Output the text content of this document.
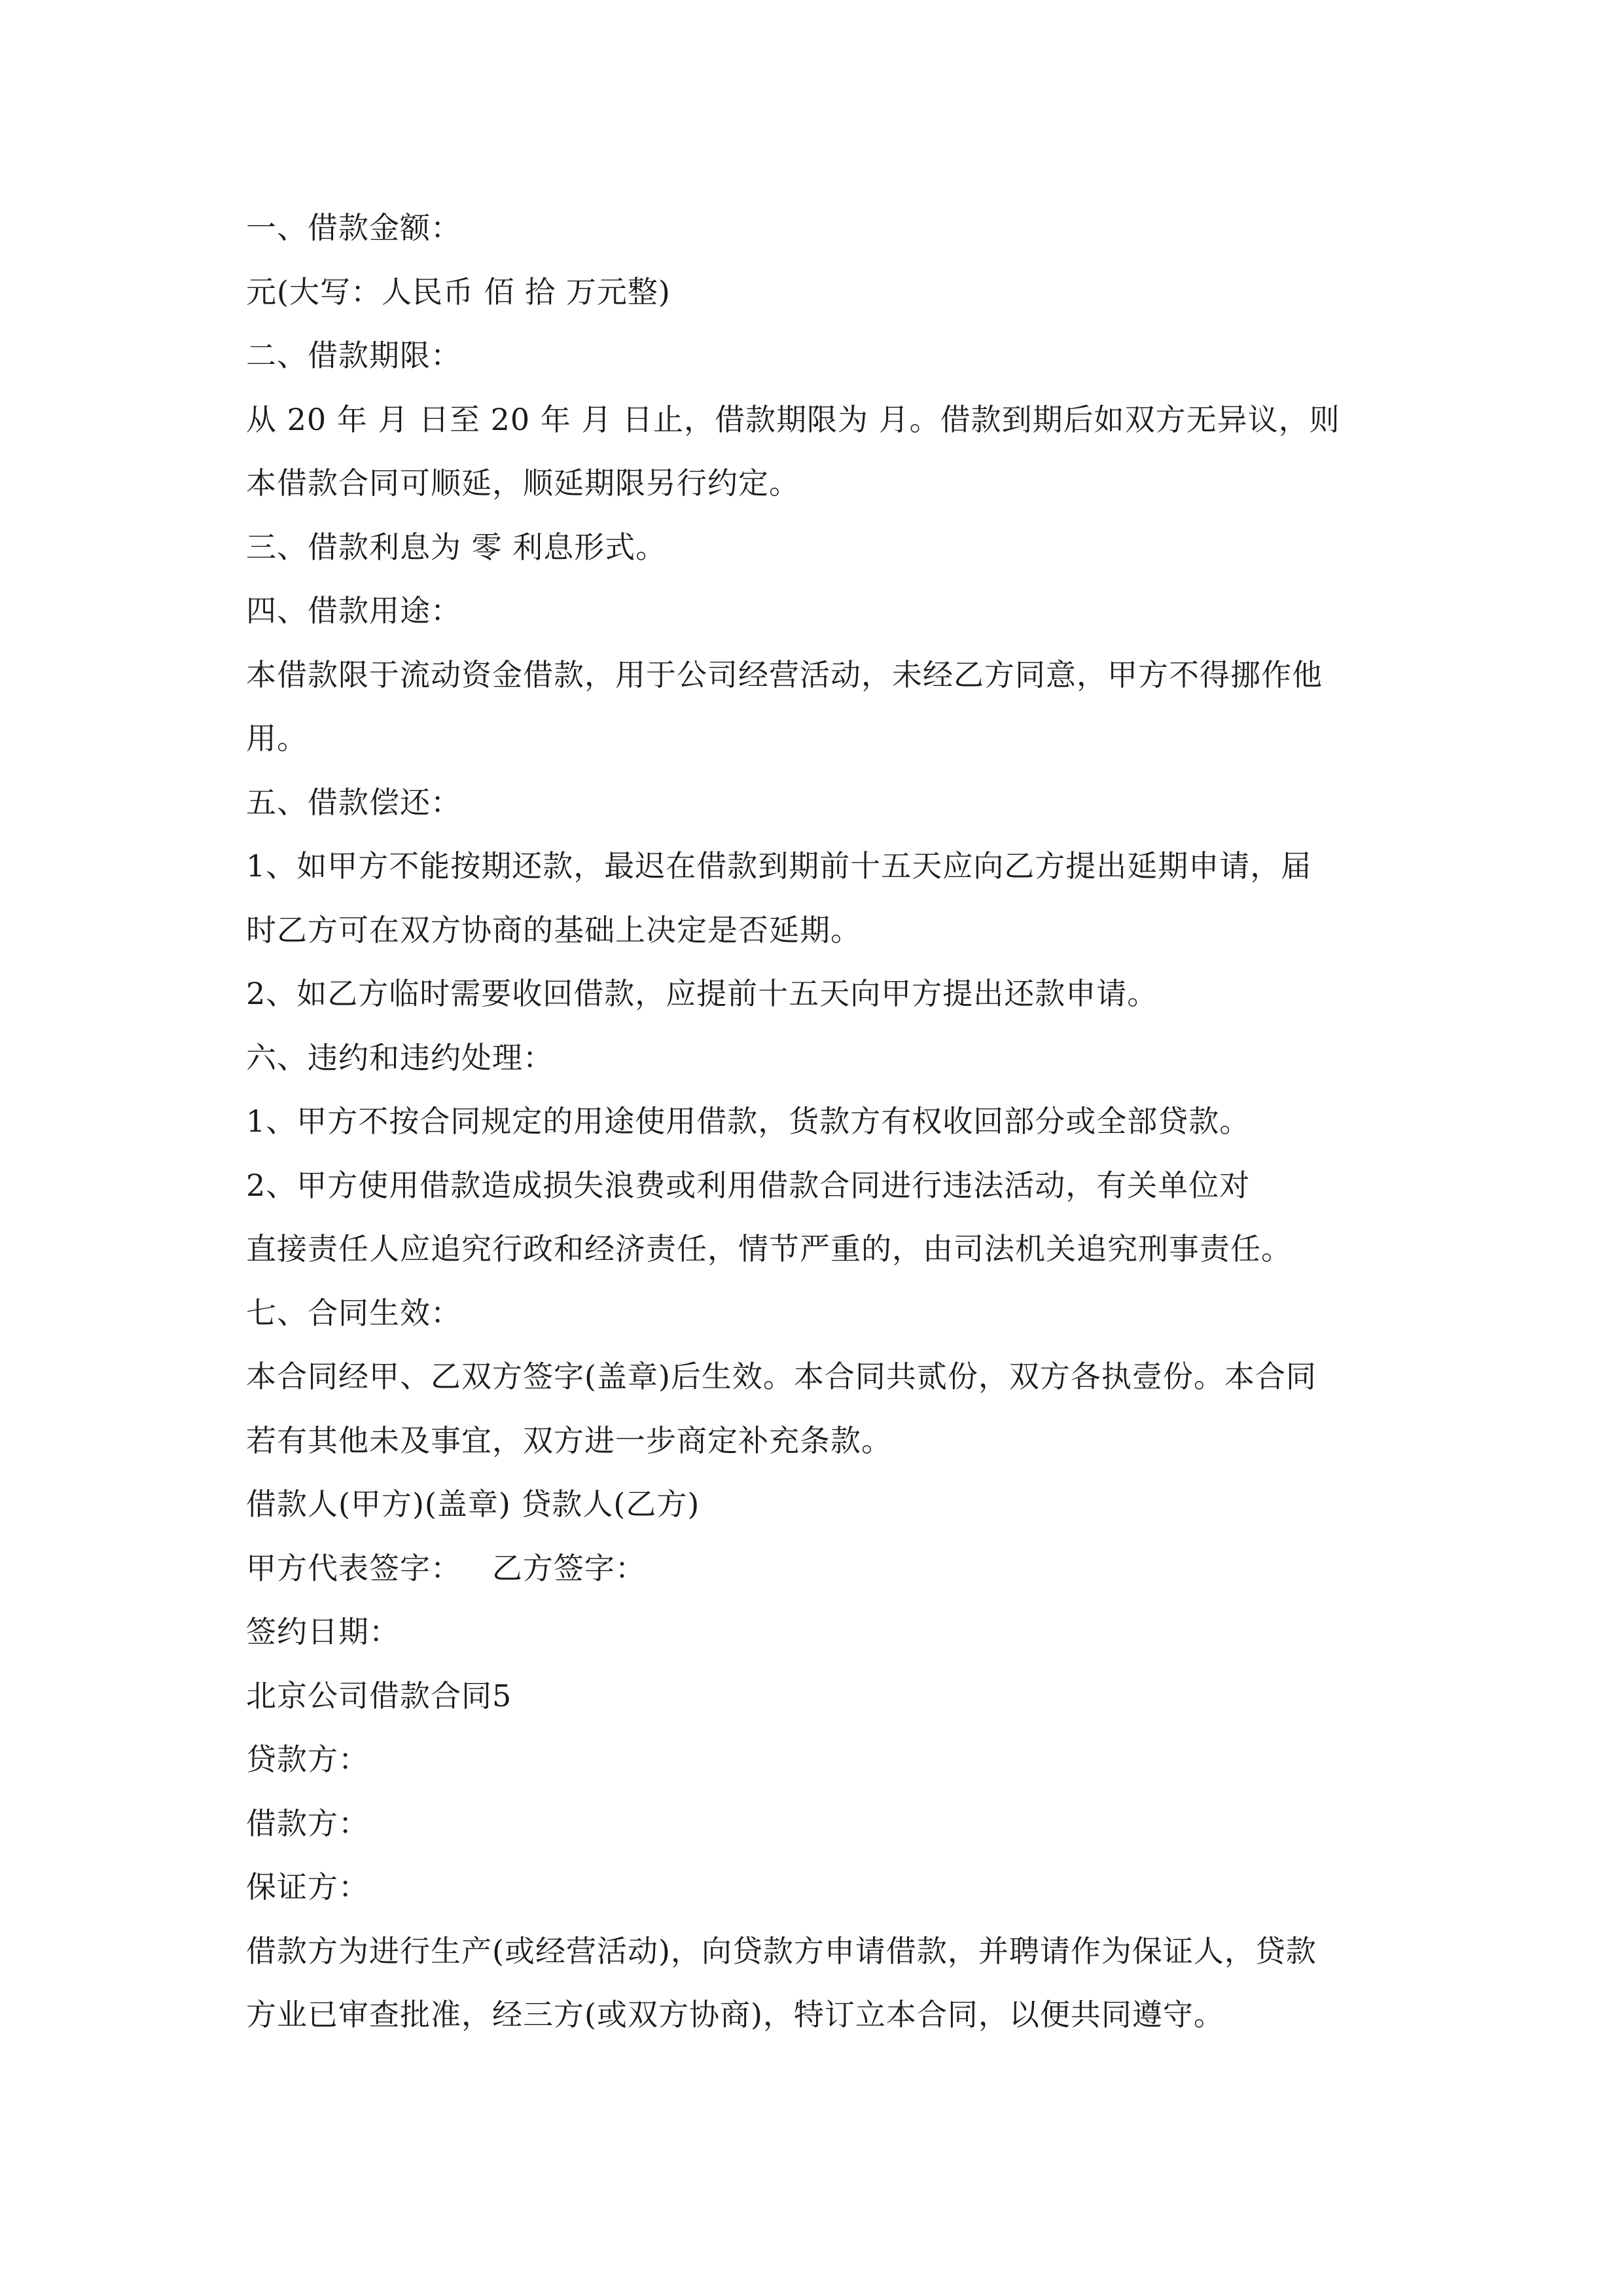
一、借款金额：
元(大写：人民币 佰 拾 万元整)
二、借款期限：
从 20 年 月 日至 20 年 月 日止，借款期限为 月。借款到期后如双方无异议，则
本借款合同可顺延，顺延期限另行约定。
三、借款利息为 零 利息形式。
四、借款用途：
本借款限于流动资金借款，用于公司经营活动，未经乙方同意，甲方不得挪作他
用。
五、借款偿还：
1、如甲方不能按期还款，最迟在借款到期前十五天应向乙方提出延期申请，届
时乙方可在双方协商的基础上决定是否延期。
2、如乙方临时需要收回借款，应提前十五天向甲方提出还款申请。
六、违约和违约处理：
1、甲方不按合同规定的用途使用借款，货款方有权收回部分或全部贷款。
2、甲方使用借款造成损失浪费或利用借款合同进行违法活动，有关单位对
直接责任人应追究行政和经济责任，情节严重的，由司法机关追究刑事责任。
七、合同生效：
本合同经甲、乙双方签字(盖章)后生效。本合同共贰份，双方各执壹份。本合同
若有其他未及事宜，双方进一步商定补充条款。
借款人(甲方)(盖章) 贷款人(乙方)
甲方代表签字：   乙方签字：
签约日期：
北京公司借款合同5
贷款方：
借款方：
保证方：
借款方为进行生产(或经营活动)，向贷款方申请借款，并聘请作为保证人，贷款
方业已审查批准，经三方(或双方协商)，特订立本合同，以便共同遵守。
